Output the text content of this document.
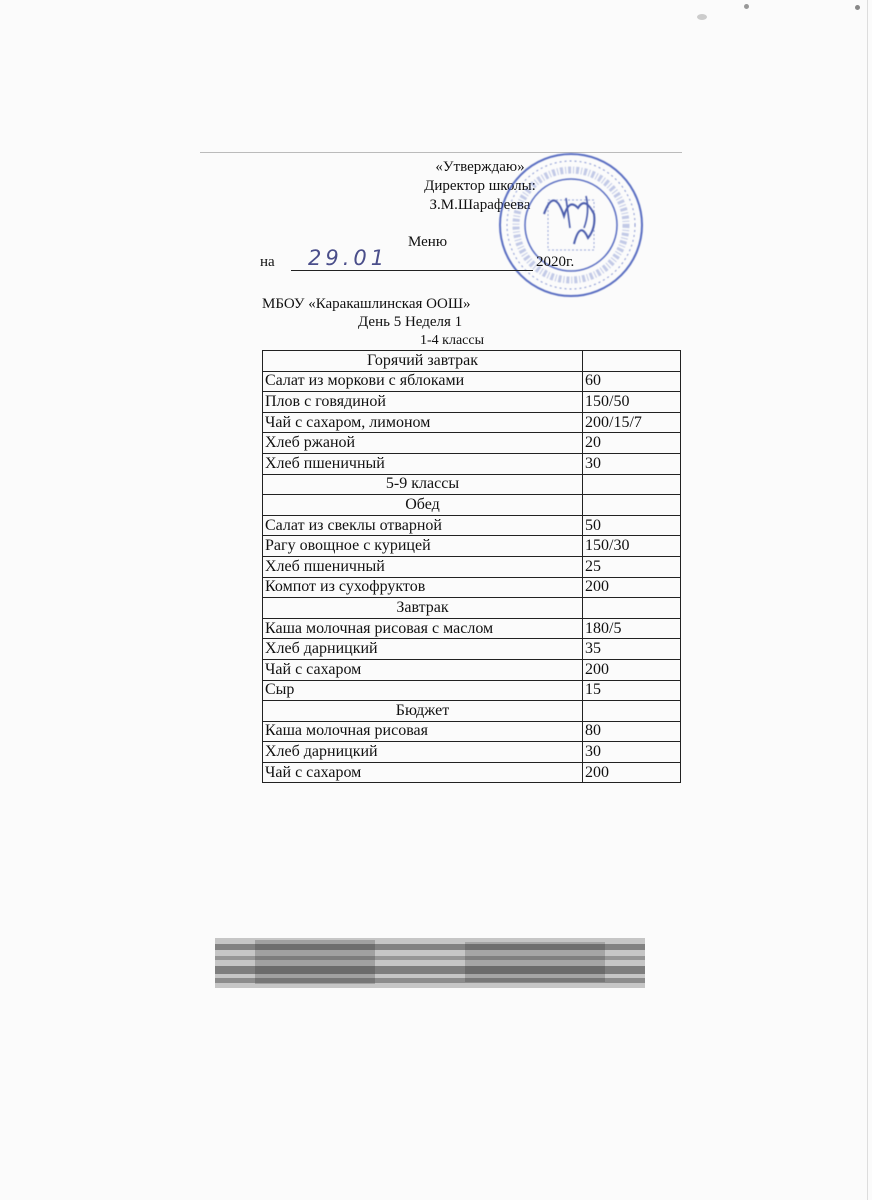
«Утверждаю»
Директор школы:
З.М.Шарафеева
Меню
на 29.01	2020г.
МБОУ «Каракашлинская ООШ»
День 5 Неделя 1
1-4 классы
Горячий завтрак	
Салат из моркови с яблоками	60
Плов с говядиной	150/50
Чай с сахаром, лимоном	200/15/7
Хлеб ржаной	20
Хлеб пшеничный	30
5-9 классы	
Обед	
Салат из свеклы отварной	50
Рагу овощное с курицей	150/30
Хлеб пшеничный	25
Компот из сухофруктов	200
Завтрак	
Каша молочная рисовая с маслом	180/5
Хлеб дарницкий	35
Чай с сахаром	200
Сыр	15
Бюджет	
Каша молочная рисовая	80
Хлеб дарницкий	30
Чай с сахаром	200
